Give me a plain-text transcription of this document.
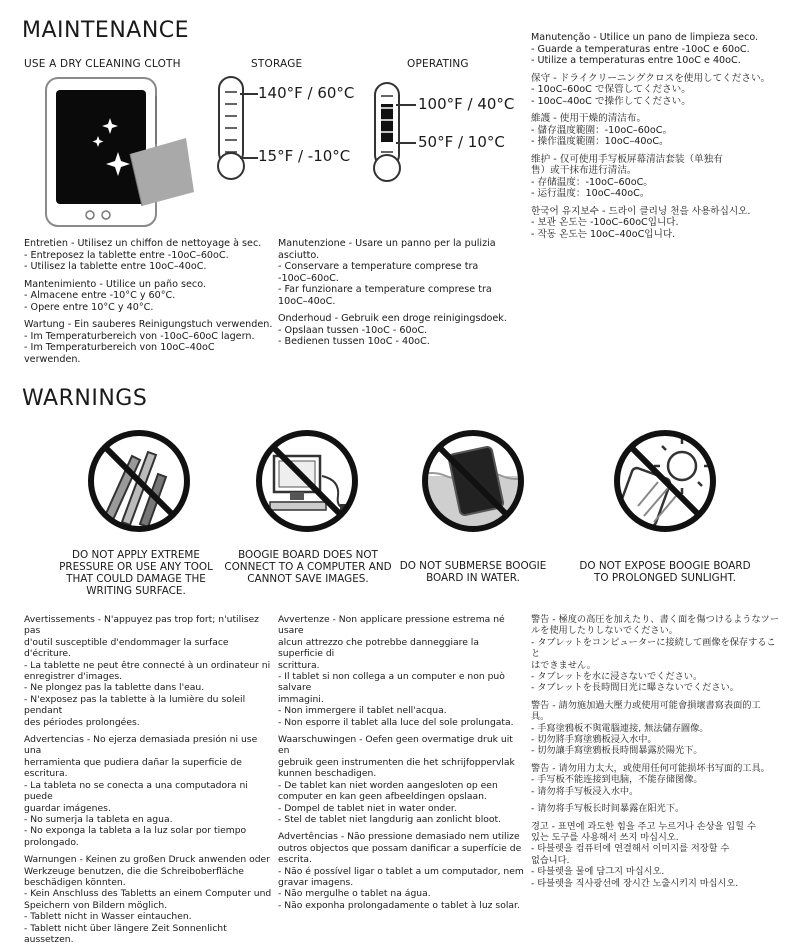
MAINTENANCE
USE A DRY CLEANING CLOTH	STORAGE	OPERATING
140°F / 60°C
15°F / -10°C
100°F / 40°C
50°F / 10°C
Entretien - Utilisez un chiffon de nettoyage à sec.
- Entreposez la tablette entre -10oC–60oC.
- Utilisez la tablette entre 10oC–40oC.
Mantenimiento - Utilice un paño seco.
- Almacene entre -10°C y 60°C.
- Opere entre 10°C y 40°C.
Wartung - Ein sauberes Reinigungstuch verwenden.
- Im Temperaturbereich von -10oC–60oC lagern.
- Im Temperaturbereich von 10oC–40oC verwenden.
Manutenzione - Usare un panno per la pulizia
asciutto.
- Conservare a temperature comprese tra
-10oC–60oC.
- Far funzionare a temperature comprese tra
10oC–40oC.
Onderhoud - Gebruik een droge reinigingsdoek.
- Opslaan tussen -10oC - 60oC.
- Bedienen tussen 10oC - 40oC.
Manutenção - Utilice un pano de limpieza seco.
- Guarde a temperaturas entre -10oC e 60oC.
- Utilize a temperaturas entre 10oC e 40oC.
保守 - ドライクリーニングクロスを使用してください。
- 10oC–60oC で保管してください。
- 10oC–40oC で操作してください。
維護 - 使用干燥的清洁布。
- 儲存溫度範圍：-10oC–60oC。
- 操作溫度範圍：10oC–40oC。
维护 - 仅可使用手写板屏幕清洁套装（单独有
售）或干抹布进行清洁。
- 存储温度：-10oC–60oC。
- 运行温度：10oC–40oC。
한국어 유지보수 - 드라이 클리닝 천을 사용하십시오.
- 보관 온도는 -10oC–60oC입니다.
- 작동 온도는 10oC–40oC입니다.
WARNINGS
DO NOT APPLY EXTREME
PRESSURE OR USE ANY TOOL
THAT COULD DAMAGE THE
WRITING SURFACE.
BOOGIE BOARD DOES NOT
CONNECT TO A COMPUTER AND
CANNOT SAVE IMAGES.
DO NOT SUBMERSE BOOGIE
BOARD IN WATER.
DO NOT EXPOSE BOOGIE BOARD
TO PROLONGED SUNLIGHT.
Avertissements - N'appuyez pas trop fort; n'utilisez pas
d'outil susceptible d'endommager la surface d'écriture.
- La tablette ne peut être connecté à un ordinateur ni
enregistrer d'images.
- Ne plongez pas la tablette dans l'eau.
- N'exposez pas la tablette à la lumière du soleil pendant
des périodes prolongées.
Advertencias - No ejerza demasiada presión ni use una
herramienta que pudiera dañar la superficie de
escritura.
- La tableta no se conecta a una computadora ni puede
guardar imágenes.
- No sumerja la tableta en agua.
- No exponga la tableta a la luz solar por tiempo
prolongado.
Warnungen - Keinen zu großen Druck anwenden oder
Werkzeuge benutzen, die die Schreiboberfläche
beschädigen könnten.
- Kein Anschluss des Tabletts an einem Computer und
Speichern von Bildern möglich.
- Tablett nicht in Wasser eintauchen.
- Tablett nicht über längere Zeit Sonnenlicht aussetzen.
Avvertenze - Non applicare pressione estrema né usare
alcun attrezzo che potrebbe danneggiare la superficie di
scrittura.
- Il tablet si non collega a un computer e non può salvare
immagini.
- Non immergere il tablet nell'acqua.
- Non esporre il tablet alla luce del sole prolungata.
Waarschuwingen - Oefen geen overmatige druk uit en
gebruik geen instrumenten die het schrijfoppervlak
kunnen beschadigen.
- De tablet kan niet worden aangesloten op een
computer en kan geen afbeeldingen opslaan.
- Dompel de tablet niet in water onder.
- Stel de tablet niet langdurig aan zonlicht bloot.
Advertências - Não pressione demasiado nem utilize
outros objectos que possam danificar a superfície de
escrita.
- Não é possível ligar o tablet a um computador, nem
gravar imagens.
- Não mergulhe o tablet na água.
- Não exponha prolongadamente o tablet à luz solar.
警告 - 極度の高圧を加えたり、書く面を傷つけるようなツー
ルを使用したりしないでください。
- タブレットをコンピューターに接続して画像を保存すること
はできません。
- タブレットを水に浸さないでください。
- タブレットを長時間日光に曝さないでください。
警告 - 請勿施加過大壓力或使用可能會損壞書寫表面的工
具。
- 手寫塗鴉板不與電腦連接, 無法儲存圖像。
- 切勿將手寫塗鴉板浸入水中。
- 切勿讓手寫塗鴉板長時間暴露於陽光下。
警告 - 请勿用力太大，或使用任何可能损坏书写面的工具。
- 手写板不能连接到电脑，不能存储图像。
- 请勿将手写板浸入水中。
- 请勿将手写板长时间暴露在阳光下。
경고 - 표면에 과도한 힘을 주고 누르거나 손상을 입힐 수
있는 도구를 사용해서 쓰지 마십시오.
- 타블렛을 컴퓨터에 연결해서 이미지를 저장할 수
없습니다.
- 타블렛을 물에 담그지 마십시오.
- 타블렛을 직사광선에 장시간 노출시키지 마십시오.
